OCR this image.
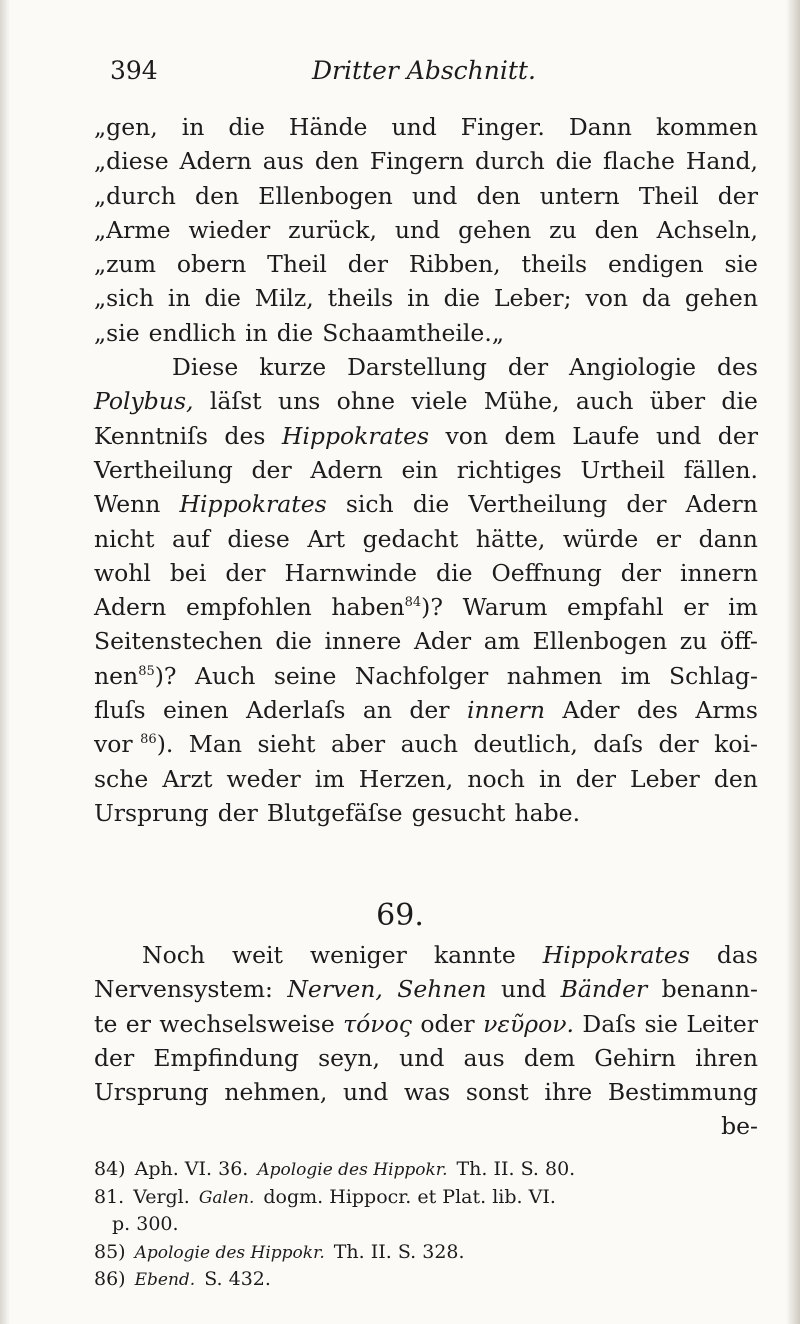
394	Dritter Abschnitt.
„gen, in die Hände und Finger. Dann kommen
„diese Adern aus den Fingern durch die flache Hand,
„durch den Ellenbogen und den untern Theil der
„Arme wieder zurück, und gehen zu den Achseln,
„zum obern Theil der Ribben, theils endigen sie
„sich in die Milz, theils in die Leber; von da gehen
„sie endlich in die Schaamtheile.„
Diese kurze Darstellung der Angiologie des
Polybus, läſst uns ohne viele Mühe, auch über die
Kenntniſs des Hippokrates von dem Laufe und der
Vertheilung der Adern ein richtiges Urtheil fällen.
Wenn Hippokrates sich die Vertheilung der Adern
nicht auf diese Art gedacht hätte, würde er dann
wohl bei der Harnwinde die Oeffnung der innern
Adern empfohlen haben$^{84}$)? Warum empfahl er im
Seitenstechen die innere Ader am Ellenbogen zu öff-
nen$^{85}$)? Auch seine Nachfolger nahmen im Schlag-
fluſs einen Aderlaſs an der innern Ader des Arms
vor $^{86}$). Man sieht aber auch deutlich, daſs der koi-
sche Arzt weder im Herzen, noch in der Leber den
Ursprung der Blutgefäſse gesucht habe.
69.
Noch weit weniger kannte Hippokrates das
Nervensystem: Nerven, Sehnen und Bänder benann-
te er wechselsweise τόνος oder νεῦρον. Daſs sie Leiter
der Empfindung seyn, und aus dem Gehirn ihren
Ursprung nehmen, und was sonst ihre Bestimmung
be-
84) Aph. VI. 36. Apologie des Hippokr. Th. II. S. 80.
81. Vergl. Galen. dogm. Hippocr. et Plat. lib. VI.
p. 300.
85) Apologie des Hippokr. Th. II. S. 328.
86) Ebend. S. 432.
